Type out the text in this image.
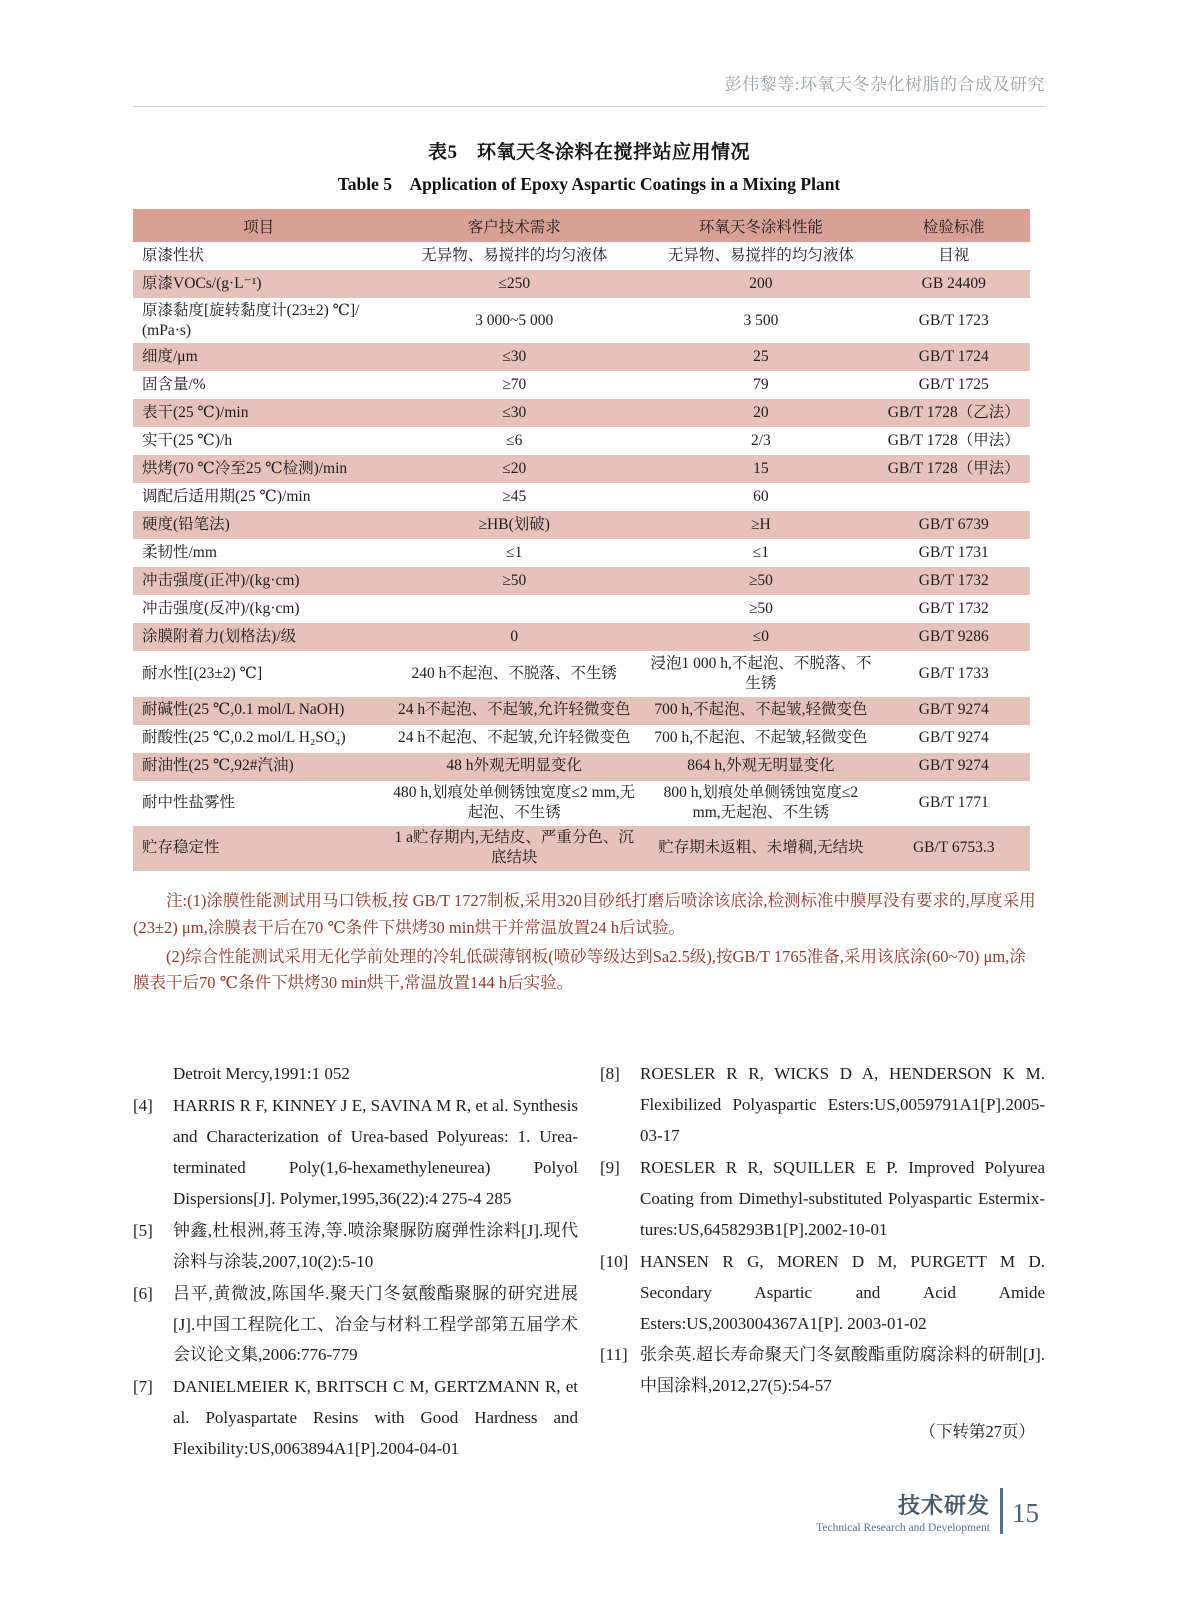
彭伟黎等:环氧天冬杂化树脂的合成及研究
表5　环氧天冬涂料在搅拌站应用情况
Table 5　Application of Epoxy Aspartic Coatings in a Mixing Plant
项目	客户技术需求	环氧天冬涂料性能	检验标准
原漆性状	无异物、易搅拌的均匀液体	无异物、易搅拌的均匀液体	目视
原漆VOCs/(g·L⁻¹)	≤250	200	GB 24409
原漆黏度[旋转黏度计(23±2) ℃]/ (mPa·s)	3 000~5 000	3 500	GB/T 1723
细度/μm	≤30	25	GB/T 1724
固含量/%	≥70	79	GB/T 1725
表干(25 ℃)/min	≤30	20	GB/T 1728（乙法）
实干(25 ℃)/h	≤6	2/3	GB/T 1728（甲法）
烘烤(70 ℃冷至25 ℃检测)/min	≤20	15	GB/T 1728（甲法）
调配后适用期(25 ℃)/min	≥45	60	
硬度(铅笔法)	≥HB(划破)	≥H	GB/T 6739
柔韧性/mm	≤1	≤1	GB/T 1731
冲击强度(正冲)/(kg·cm)	≥50	≥50	GB/T 1732
冲击强度(反冲)/(kg·cm)		≥50	GB/T 1732
涂膜附着力(划格法)/级	0	≤0	GB/T 9286
耐水性[(23±2) ℃]	240 h不起泡、不脱落、不生锈	浸泡1 000 h,不起泡、不脱落、不生锈	GB/T 1733
耐碱性(25 ℃,0.1 mol/L NaOH)	24 h不起泡、不起皱,允许轻微变色	700 h,不起泡、不起皱,轻微变色	GB/T 9274
耐酸性(25 ℃,0.2 mol/L H₂SO₄)	24 h不起泡、不起皱,允许轻微变色	700 h,不起泡、不起皱,轻微变色	GB/T 9274
耐油性(25 ℃,92#汽油)	48 h外观无明显变化	864 h,外观无明显变化	GB/T 9274
耐中性盐雾性	480 h,划痕处单侧锈蚀宽度≤2 mm,无起泡、不生锈	800 h,划痕处单侧锈蚀宽度≤2 mm,无起泡、不生锈	GB/T 1771
贮存稳定性	1 a贮存期内,无结皮、严重分色、沉底结块	贮存期未返粗、未增稠,无结块	GB/T 6753.3

注:(1)涂膜性能测试用马口铁板,按 GB/T 1727制板,采用320目砂纸打磨后喷涂该底涂,检测标准中膜厚没有要求的,厚度采用(23±2) μm,涂膜表干后在70 ℃条件下烘烤30 min烘干并常温放置24 h后试验。

(2)综合性能测试采用无化学前处理的冷轧低碳薄钢板(喷砂等级达到Sa2.5级),按GB/T 1765准备,采用该底涂(60~70) μm,涂膜表干后70 ℃条件下烘烤30 min烘干,常温放置144 h后实验。

Detroit Mercy,1991:1 052
[4]	HARRIS R F, KINNEY J E, SAVINA M R, et al. Synthesis and Characterization of Urea-based Polyureas: 1. Urea-terminated Poly(1,6-hexamethyleneurea) Polyol Dispersions[J]. Polymer,1995,36(22):4 275-4 285
[5]	钟鑫,杜根洲,蒋玉涛,等.喷涂聚脲防腐弹性涂料[J].现代涂料与涂装,2007,10(2):5-10
[6]	吕平,黄微波,陈国华.聚天门冬氨酸酯聚脲的研究进展[J].中国工程院化工、冶金与材料工程学部第五届学术会议论文集,2006:776-779
[7]	DANIELMEIER K, BRITSCH C M, GERTZMANN R, et al. Polyaspartate Resins with Good Hardness and Flexibility:US,0063894A1[P].2004-04-01
[8]	ROESLER R R, WICKS D A, HENDERSON K M. Flexibilized Polyaspartic Esters:US,0059791A1[P].2005-03-17
[9]	ROESLER R R, SQUILLER E P. Improved Polyurea Coating from Dimethyl-substituted Polyaspartic Estermix-tures:US,6458293B1[P].2002-10-01
[10] HANSEN R G, MOREN D M, PURGETT M D. Secondary Aspartic and Acid Amide Esters:US,2003004367A1[P]. 2003-01-02
[11] 张余英.超长寿命聚天门冬氨酸酯重防腐涂料的研制[J].中国涂料,2012,27(5):54-57
（下转第27页）
技术研发
Technical Research and Development 15
